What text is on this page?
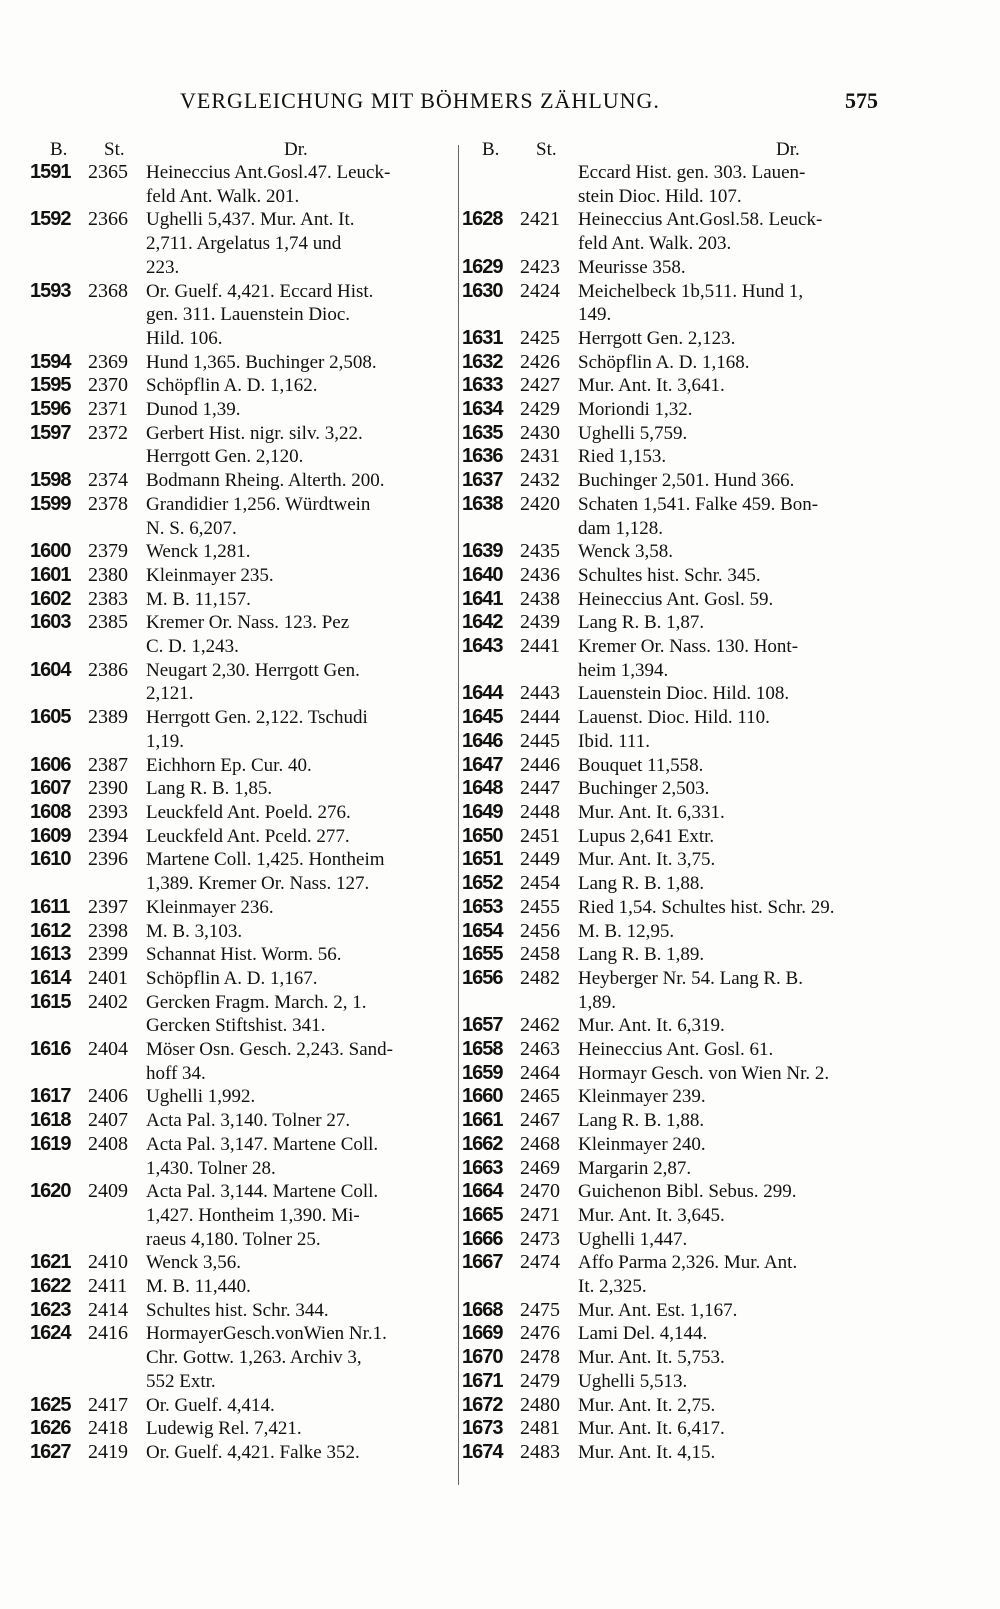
VERGLEICHUNG MIT BÖHMERS ZÄHLUNG.	575
B.	St.	Dr.
1591 2365 Heineccius Ant.Gosl.47. Leuck-
feld Ant. Walk. 201.
1592 2366 Ughelli 5,437. Mur. Ant. It.
2,711. Argelatus 1,74 und
223.
1593 2368 Or. Guelf. 4,421. Eccard Hist.
gen. 311. Lauenstein Dioc.
Hild. 106.
1594 2369 Hund 1,365. Buchinger 2,508.
1595 2370 Schöpflin A. D. 1,162.
1596 2371 Dunod 1,39.
1597 2372 Gerbert Hist. nigr. silv. 3,22.
Herrgott Gen. 2,120.
1598 2374 Bodmann Rheing. Alterth. 200.
1599 2378 Grandidier 1,256. Würdtwein
N. S. 6,207.
1600 2379 Wenck 1,281.
1601 2380 Kleinmayer 235.
1602 2383 M. B. 11,157.
1603 2385 Kremer Or. Nass. 123. Pez
C. D. 1,243.
1604 2386 Neugart 2,30. Herrgott Gen.
2,121.
1605 2389 Herrgott Gen. 2,122. Tschudi
1,19.
1606 2387 Eichhorn Ep. Cur. 40.
1607 2390 Lang R. B. 1,85.
1608 2393 Leuckfeld Ant. Poeld. 276.
1609 2394 Leuckfeld Ant. Pceld. 277.
1610 2396 Martene Coll. 1,425. Hontheim
1,389. Kremer Or. Nass. 127.
1611 2397 Kleinmayer 236.
1612 2398 M. B. 3,103.
1613 2399 Schannat Hist. Worm. 56.
1614 2401 Schöpflin A. D. 1,167.
1615 2402 Gercken Fragm. March. 2, 1.
Gercken Stiftshist. 341.
1616 2404 Möser Osn. Gesch. 2,243. Sand-
hoff 34.
1617 2406 Ughelli 1,992.
1618 2407 Acta Pal. 3,140. Tolner 27.
1619 2408 Acta Pal. 3,147. Martene Coll.
1,430. Tolner 28.
1620 2409 Acta Pal. 3,144. Martene Coll.
1,427. Hontheim 1,390. Mi-
raeus 4,180. Tolner 25.
1621 2410 Wenck 3,56.
1622 2411 M. B. 11,440.
1623 2414 Schultes hist. Schr. 344.
1624 2416 HormayerGesch.vonWien Nr.1.
Chr. Gottw. 1,263. Archiv 3,
552 Extr.
1625 2417 Or. Guelf. 4,414.
1626 2418 Ludewig Rel. 7,421.
1627 2419 Or. Guelf. 4,421. Falke 352.
B.	St.	Dr.
Eccard Hist. gen. 303. Lauen-
stein Dioc. Hild. 107.
1628 2421 Heineccius Ant.Gosl.58. Leuck-
feld Ant. Walk. 203.
1629 2423 Meurisse 358.
1630 2424 Meichelbeck 1b,511. Hund 1,
149.
1631 2425 Herrgott Gen. 2,123.
1632 2426 Schöpflin A. D. 1,168.
1633 2427 Mur. Ant. It. 3,641.
1634 2429 Moriondi 1,32.
1635 2430 Ughelli 5,759.
1636 2431 Ried 1,153.
1637 2432 Buchinger 2,501. Hund 366.
1638 2420 Schaten 1,541. Falke 459. Bon-
dam 1,128.
1639 2435 Wenck 3,58.
1640 2436 Schultes hist. Schr. 345.
1641 2438 Heineccius Ant. Gosl. 59.
1642 2439 Lang R. B. 1,87.
1643 2441 Kremer Or. Nass. 130. Hont-
heim 1,394.
1644 2443 Lauenstein Dioc. Hild. 108.
1645 2444 Lauenst. Dioc. Hild. 110.
1646 2445 Ibid. 111.
1647 2446 Bouquet 11,558.
1648 2447 Buchinger 2,503.
1649 2448 Mur. Ant. It. 6,331.
1650 2451 Lupus 2,641 Extr.
1651 2449 Mur. Ant. It. 3,75.
1652 2454 Lang R. B. 1,88.
1653 2455 Ried 1,54. Schultes hist. Schr. 29.
1654 2456 M. B. 12,95.
1655 2458 Lang R. B. 1,89.
1656 2482 Heyberger Nr. 54. Lang R. B.
1,89.
1657 2462 Mur. Ant. It. 6,319.
1658 2463 Heineccius Ant. Gosl. 61.
1659 2464 Hormayr Gesch. von Wien Nr. 2.
1660 2465 Kleinmayer 239.
1661 2467 Lang R. B. 1,88.
1662 2468 Kleinmayer 240.
1663 2469 Margarin 2,87.
1664 2470 Guichenon Bibl. Sebus. 299.
1665 2471 Mur. Ant. It. 3,645.
1666 2473 Ughelli 1,447.
1667 2474 Affo Parma 2,326. Mur. Ant.
It. 2,325.
1668 2475 Mur. Ant. Est. 1,167.
1669 2476 Lami Del. 4,144.
1670 2478 Mur. Ant. It. 5,753.
1671 2479 Ughelli 5,513.
1672 2480 Mur. Ant. It. 2,75.
1673 2481 Mur. Ant. It. 6,417.
1674 2483 Mur. Ant. It. 4,15.
